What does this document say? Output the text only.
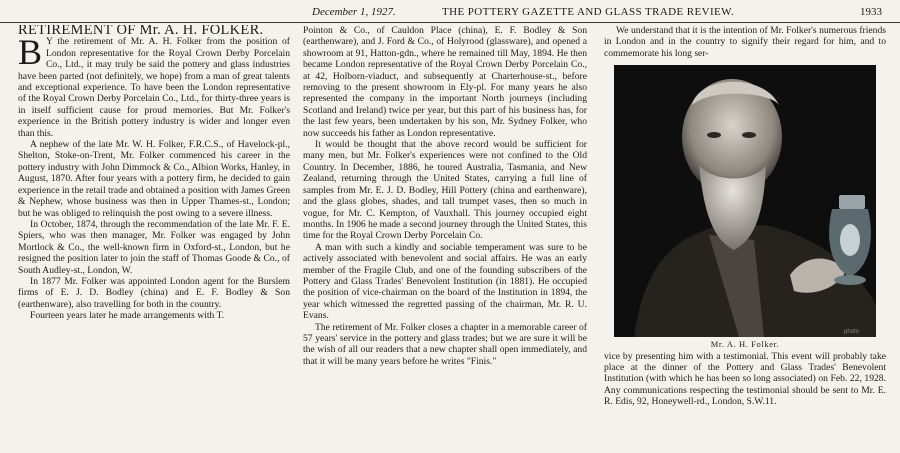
December 1, 1927.	THE POTTERY GAZETTE AND GLASS TRADE REVIEW.	1933

RETIREMENT OF Mr. A. H. FOLKER.

B Y the retirement of Mr. A. H. Folker from the position of London representative for the Royal Crown Derby Porcelain Co., Ltd., it may truly be said the pottery and glass industries have been parted (not definitely, we hope) from a man of great talents and exceptional experience. To have been the London representative of the Royal Crown Derby Porcelain Co., Ltd., for thirty-three years is in itself sufficient cause for proud memories. But Mr. Folker's experience in the British pottery industry is wider and longer even than this.

A nephew of the late Mr. W. H. Folker, F.R.C.S., of Havelock-pl., Shelton, Stoke-on-Trent, Mr. Folker commenced his career in the pottery industry with John Dimmock & Co., Albion Works, Hanley, in August, 1870. After four years with a pottery firm, he decided to gain experience in the retail trade and obtained a position with James Green & Nephew, whose business was then in Upper Thames-st., London; but he was obliged to relinquish the post owing to a severe illness.

In October, 1874, through the recommendation of the late Mr. F. E. Spiers, who was then manager, Mr. Folker was engaged by John Mortlock & Co., the well-known firm in Oxford-st., London, but he resigned the position later to join the staff of Thomas Goode & Co., of South Audley-st., London, W.

In 1877 Mr. Folker was appointed London agent for the Burslem firms of E. J. D. Bodley (china) and E. F. Bodley & Son (earthenware), also travelling for both in the country.

Fourteen years later he made arrangements with T.

Pointon & Co., of Cauldon Place (china), E. F. Bodley & Son (earthenware), and J. Ford & Co., of Holyrood (glassware), and opened a showroom at 91, Hatton-gdn., where he remained till May, 1894. He then became London representative of the Royal Crown Derby Porcelain Co., at 42, Holborn-viaduct, and subsequently at Charterhouse-st., before removing to the present showroom in Ely-pl. For many years he also represented the company in the important North journeys (including Scotland and Ireland) twice per year, but this part of his business has, for the last few years, been undertaken by his son, Mr. Sydney Folker, who now succeeds his father as London representative.

It would be thought that the above record would be sufficient for many men, but Mr. Folker's experiences were not confined to the Old Country. In December, 1886, he toured Australia, Tasmania, and New Zealand, returning through the United States, carrying a full line of samples from Mr. E. J. D. Bodley, Hill Pottery (china and earthenware), and the glass globes, shades, and tall trumpet vases, then so much in vogue, for Mr. C. Kempton, of Vauxhall. This journey occupied eight months. In 1906 he made a second journey through the United States, this time for the Royal Crown Derby Porcelain Co.

A man with such a kindly and sociable temperament was sure to be actively associated with benevolent and social affairs. He was an early member of the Fragile Club, and one of the founding subscribers of the Pottery and Glass Trades' Benevolent Institution (in 1881). He occupied the position of vice-chairman on the board of the Institution in 1894, the year which witnessed the regretted passing of the chairman, Mr. R. U. Evans.

The retirement of Mr. Folker closes a chapter in a memorable career of 57 years' service in the pottery and glass trades; but we are sure it will be the wish of all our readers that a new chapter shall open immediately, and that it will be many years before he writes "Finis."

We understand that it is the intention of Mr. Folker's numerous friends in London and in the country to signify their regard for him, and to commemorate his long ser-

photo

Mr. A. H. Folker.

vice by presenting him with a testimonial. This event will probably take place at the dinner of the Pottery and Glass Trades' Benevolent Institution (with which he has been so long associated) on Feb. 22, 1928. Any communications respecting the testimonial should be sent to Mr. E. R. Edis, 92, Honeywell-rd., London, S.W.11.
